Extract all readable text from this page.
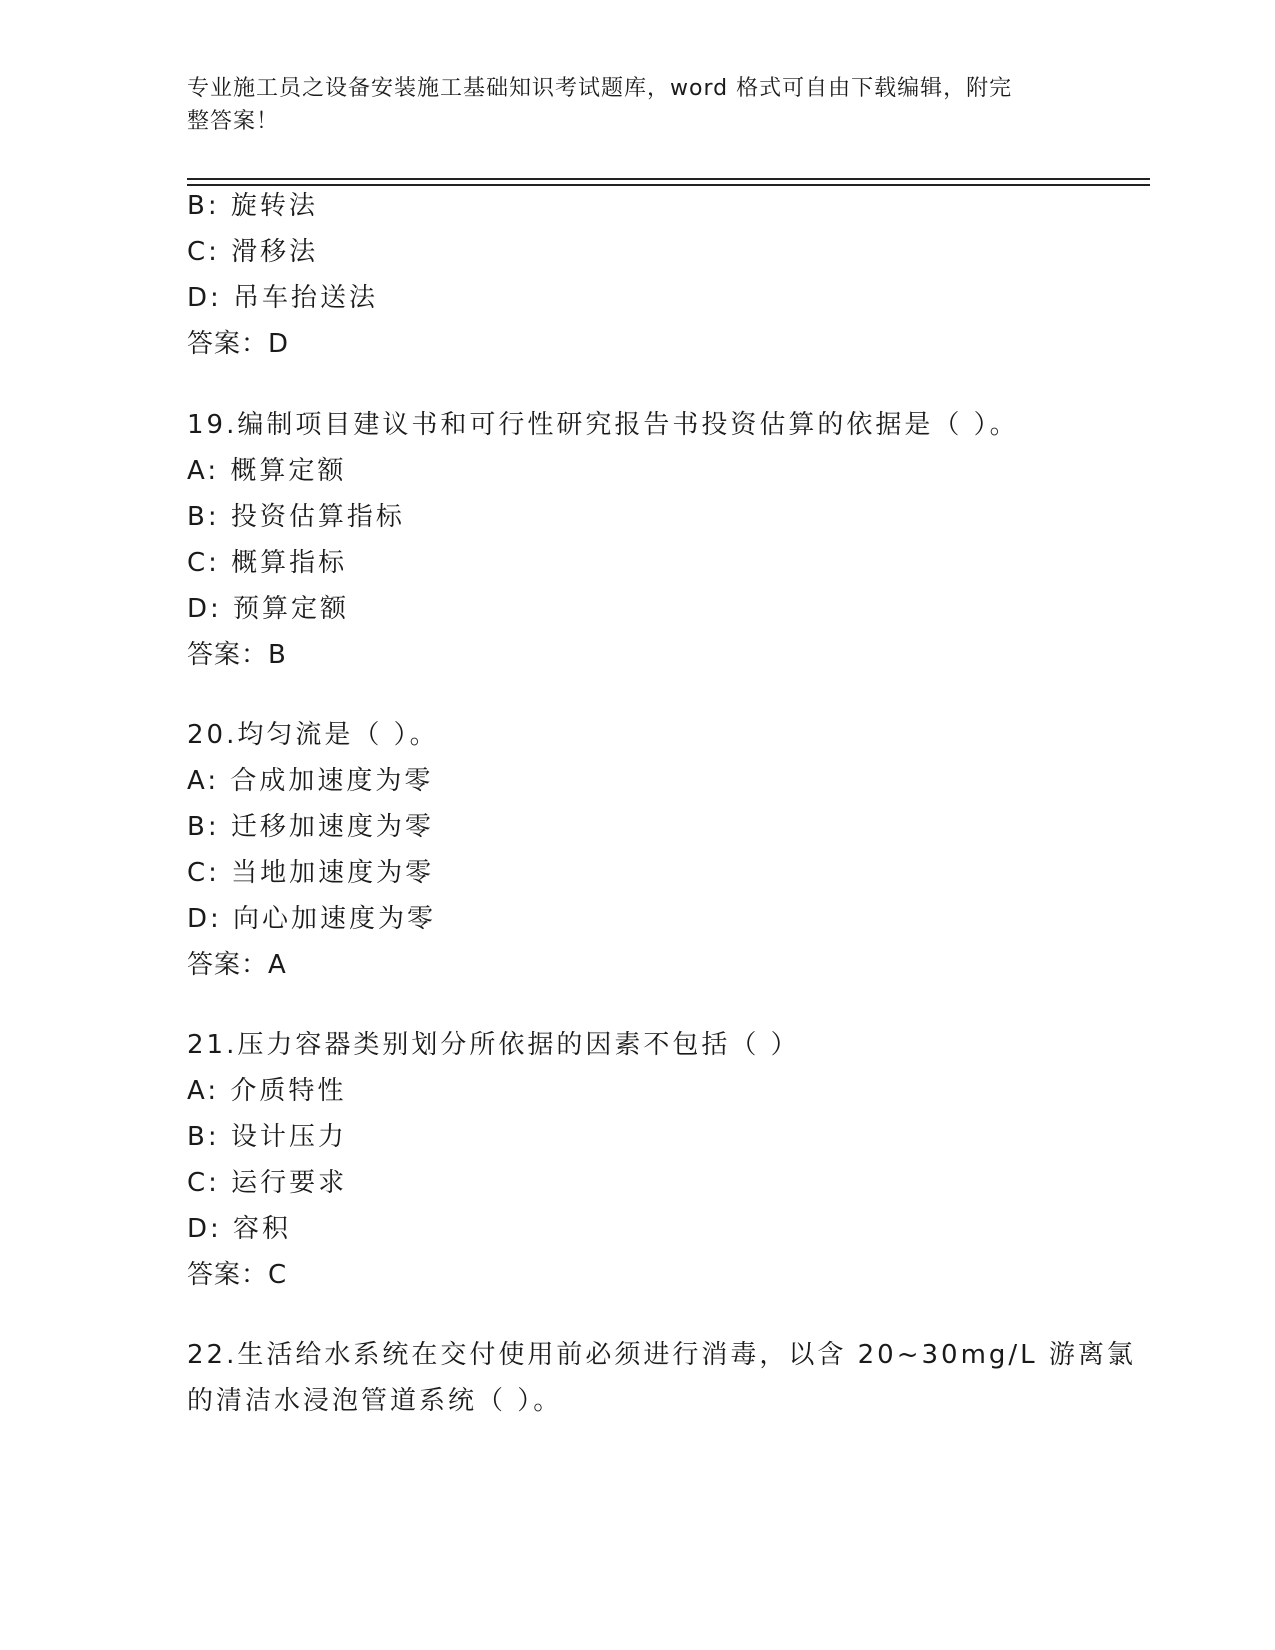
专业施工员之设备安装施工基础知识考试题库，word 格式可自由下载编辑，附完
整答案！
B: 旋转法
C: 滑移法
D: 吊车抬送法
答案：D
19.编制项目建议书和可行性研究报告书投资估算的依据是（ ）。
A: 概算定额
B: 投资估算指标
C: 概算指标
D: 预算定额
答案：B
20.均匀流是（ ）。
A: 合成加速度为零
B: 迁移加速度为零
C: 当地加速度为零
D: 向心加速度为零
答案：A
21.压力容器类别划分所依据的因素不包括（ ）
A: 介质特性
B: 设计压力
C: 运行要求
D: 容积
答案：C
22.生活给水系统在交付使用前必须进行消毒，以含 20~30mg/L 游离氯
的清洁水浸泡管道系统（ ）。
